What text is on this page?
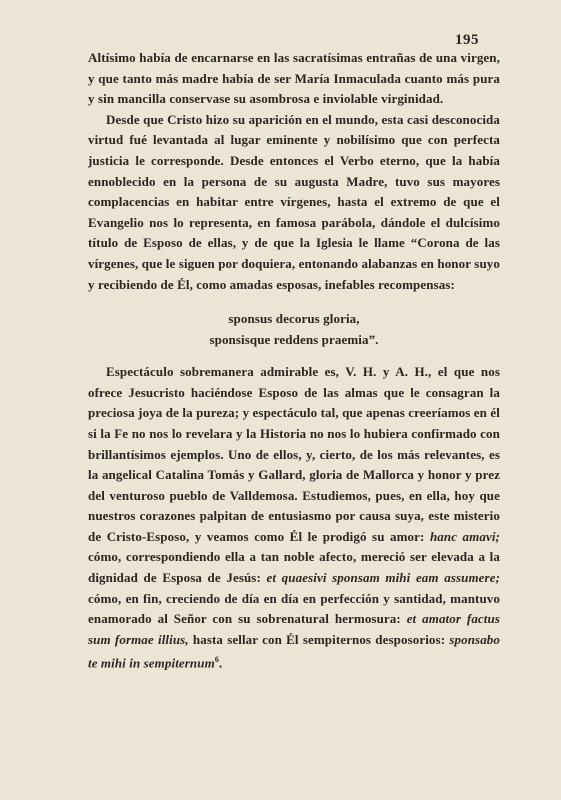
195

Altísimo había de encarnarse en las sacratísimas entrañas de una virgen, y que tanto más madre había de ser María Inmaculada cuanto más pura y sin mancilla conservase su asombrosa e inviolable virginidad.

Desde que Cristo hizo su aparición en el mundo, esta casi desconocida virtud fué levantada al lugar eminente y nobilísimo que con perfecta justicia le corresponde. Desde entonces el Verbo eterno, que la había ennoblecido en la persona de su augusta Madre, tuvo sus mayores complacencias en habitar entre vírgenes, hasta el extremo de que el Evangelio nos lo representa, en famosa parábola, dándole el dulcísimo título de Esposo de ellas, y de que la Iglesia le llame “Corona de las vírgenes, que le siguen por doquiera, entonando alabanzas en honor suyo y recibiendo de Él, como amadas esposas, inefables recompensas:

sponsus decorus gloria,
sponsisque reddens praemia”.

Espectáculo sobremanera admirable es, V. H. y A. H., el que nos ofrece Jesucristo haciéndose Esposo de las almas que le consagran la preciosa joya de la pureza; y espectáculo tal, que apenas creeríamos en él si la Fe no nos lo revelara y la Historia no nos lo hubiera confirmado con brillantísimos ejemplos. Uno de ellos, y, cierto, de los más relevantes, es la angelical Catalina Tomás y Gallard, gloria de Mallorca y honor y prez del venturoso pueblo de Valldemosa. Estudiemos, pues, en ella, hoy que nuestros corazones palpitan de entusiasmo por causa suya, este misterio de Cristo-Esposo, y veamos como Él le prodigó su amor: hanc amavi; cómo, correspondiendo ella a tan noble afecto, mereció ser elevada a la dignidad de Esposa de Jesús: et quaesivi sponsam mihi eam assumere; cómo, en fin, creciendo de día en día en perfección y santidad, mantuvo enamorado al Señor con su sobrenatural hermosura: et amator factus sum formae illius, hasta sellar con Él sempiternos desposorios: sponsabo te mihi in sempiternum$^6$.
